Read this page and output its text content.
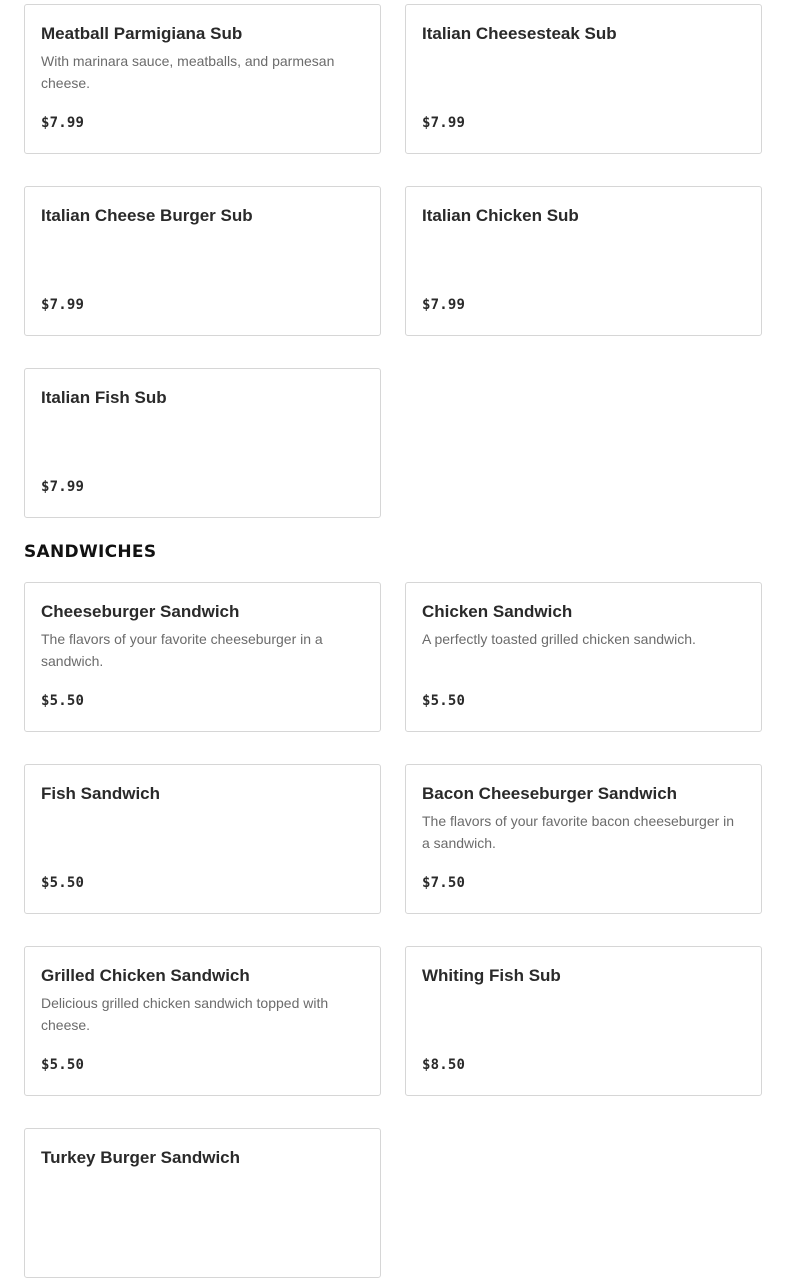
Meatball Parmigiana Sub
With marinara sauce, meatballs, and parmesan cheese.
$7.99
Italian Cheesesteak Sub
$7.99
Italian Cheese Burger Sub
$7.99
Italian Chicken Sub
$7.99
Italian Fish Sub
$7.99
SANDWICHES
Cheeseburger Sandwich
The flavors of your favorite cheeseburger in a sandwich.
$5.50
Chicken Sandwich
A perfectly toasted grilled chicken sandwich.
$5.50
Fish Sandwich
$5.50
Bacon Cheeseburger Sandwich
The flavors of your favorite bacon cheeseburger in a sandwich.
$7.50
Grilled Chicken Sandwich
Delicious grilled chicken sandwich topped with cheese.
$5.50
Whiting Fish Sub
$8.50
Turkey Burger Sandwich
